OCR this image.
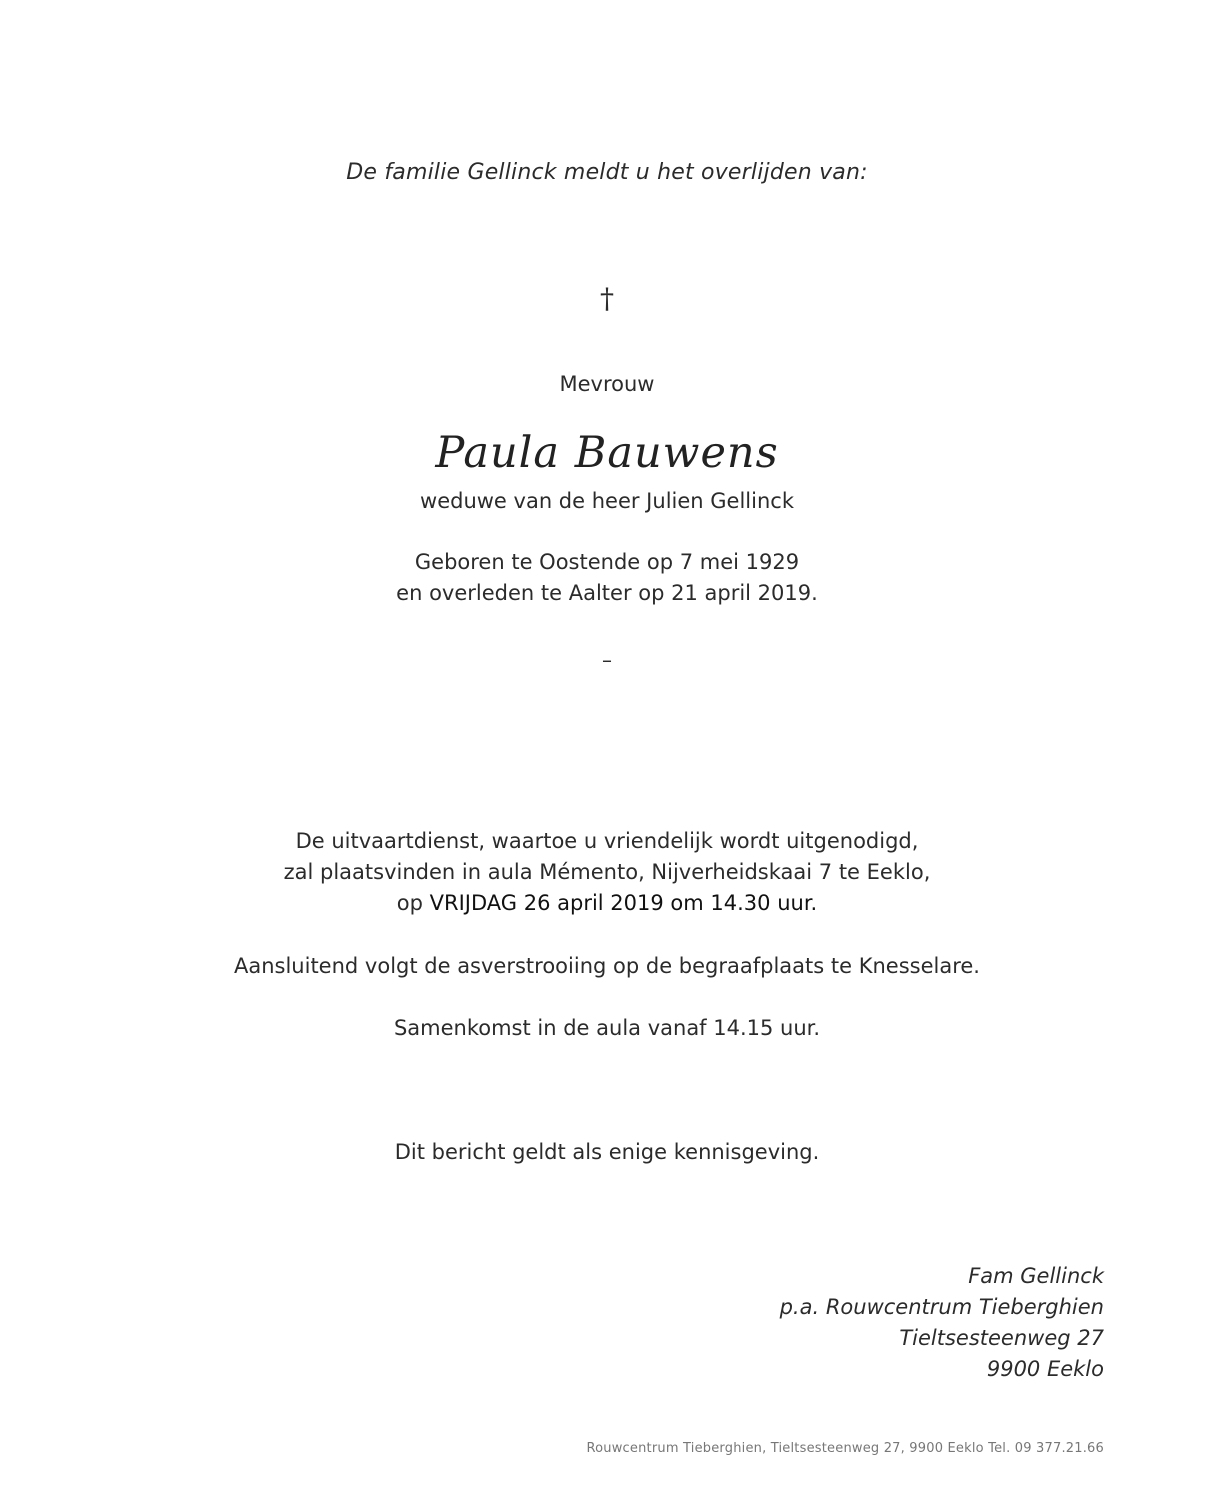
De familie Gellinck meldt u het overlijden van:
†
Mevrouw
Paula Bauwens
weduwe van de heer Julien Gellinck
Geboren te Oostende op 7 mei 1929
en overleden te Aalter op 21 april 2019.
–
De uitvaartdienst, waartoe u vriendelijk wordt uitgenodigd,
zal plaatsvinden in aula Mémento, Nijverheidskaai 7 te Eeklo,
op VRIJDAG 26 april 2019 om 14.30 uur.
Aansluitend volgt de asverstrooiing op de begraafplaats te Knesselare.
Samenkomst in de aula vanaf 14.15 uur.
Dit bericht geldt als enige kennisgeving.
Fam Gellinck
p.a. Rouwcentrum Tieberghien
Tieltsesteenweg 27
9900 Eeklo
Rouwcentrum Tieberghien, Tieltsesteenweg 27, 9900 Eeklo Tel. 09 377.21.66
